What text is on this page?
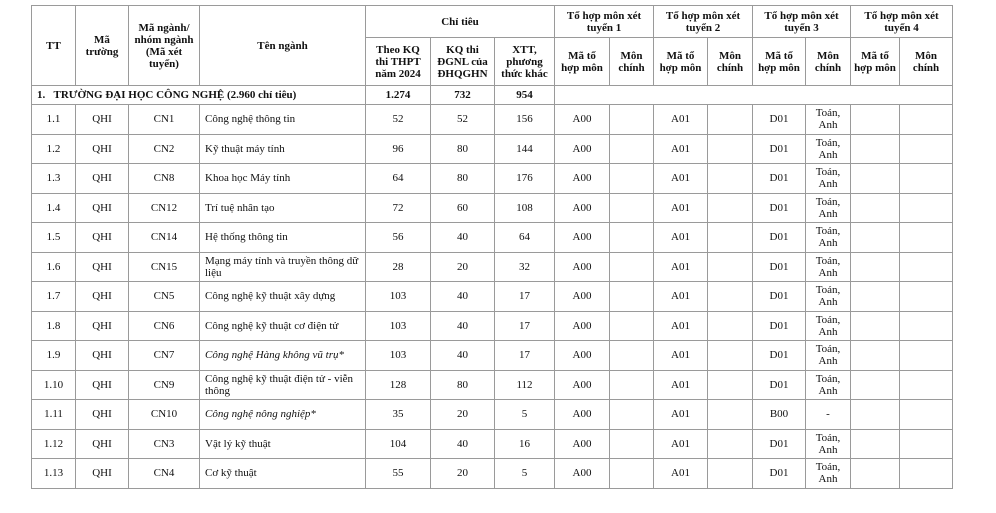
TT	Mã trường	Mã ngành/ nhóm ngành (Mã xét tuyển)	Tên ngành	Chỉ tiêu			Tổ hợp môn xét tuyển 1		Tổ hợp môn xét tuyển 2		Tổ hợp môn xét tuyển 3		Tổ hợp môn xét tuyển 4	
				Theo KQ thi THPT năm 2024	KQ thi ĐGNL của ĐHQGHN	XTT, phương thức khác	Mã tổ hợp môn	Môn chính	Mã tổ hợp môn	Môn chính	Mã tổ hợp môn	Môn chính	Mã tổ hợp môn	Môn chính
1. TRƯỜNG ĐẠI HỌC CÔNG NGHỆ (2.960 chỉ tiêu)				1.274	732	954								
1.1	QHI	CN1	Công nghệ thông tin	52	52	156	A00		A01		D01	Toán, Anh		
1.2	QHI	CN2	Kỹ thuật máy tính	96	80	144	A00		A01		D01	Toán, Anh		
1.3	QHI	CN8	Khoa học Máy tính	64	80	176	A00		A01		D01	Toán, Anh		
1.4	QHI	CN12	Trí tuệ nhân tạo	72	60	108	A00		A01		D01	Toán, Anh		
1.5	QHI	CN14	Hệ thống thông tin	56	40	64	A00		A01		D01	Toán, Anh		
1.6	QHI	CN15	Mạng máy tính và truyền thông dữ liệu	28	20	32	A00		A01		D01	Toán, Anh		
1.7	QHI	CN5	Công nghệ kỹ thuật xây dựng	103	40	17	A00		A01		D01	Toán, Anh		
1.8	QHI	CN6	Công nghệ kỹ thuật cơ điện tử	103	40	17	A00		A01		D01	Toán, Anh		
1.9	QHI	CN7	Công nghệ Hàng không vũ trụ*	103	40	17	A00		A01		D01	Toán, Anh		
1.10	QHI	CN9	Công nghệ kỹ thuật điện tử - viễn thông	128	80	112	A00		A01		D01	Toán, Anh		
1.11	QHI	CN10	Công nghệ nông nghiệp*	35	20	5	A00		A01		B00	-		
1.12	QHI	CN3	Vật lý kỹ thuật	104	40	16	A00		A01		D01	Toán, Anh		
1.13	QHI	CN4	Cơ kỹ thuật	55	20	5	A00		A01		D01	Toán, Anh		
